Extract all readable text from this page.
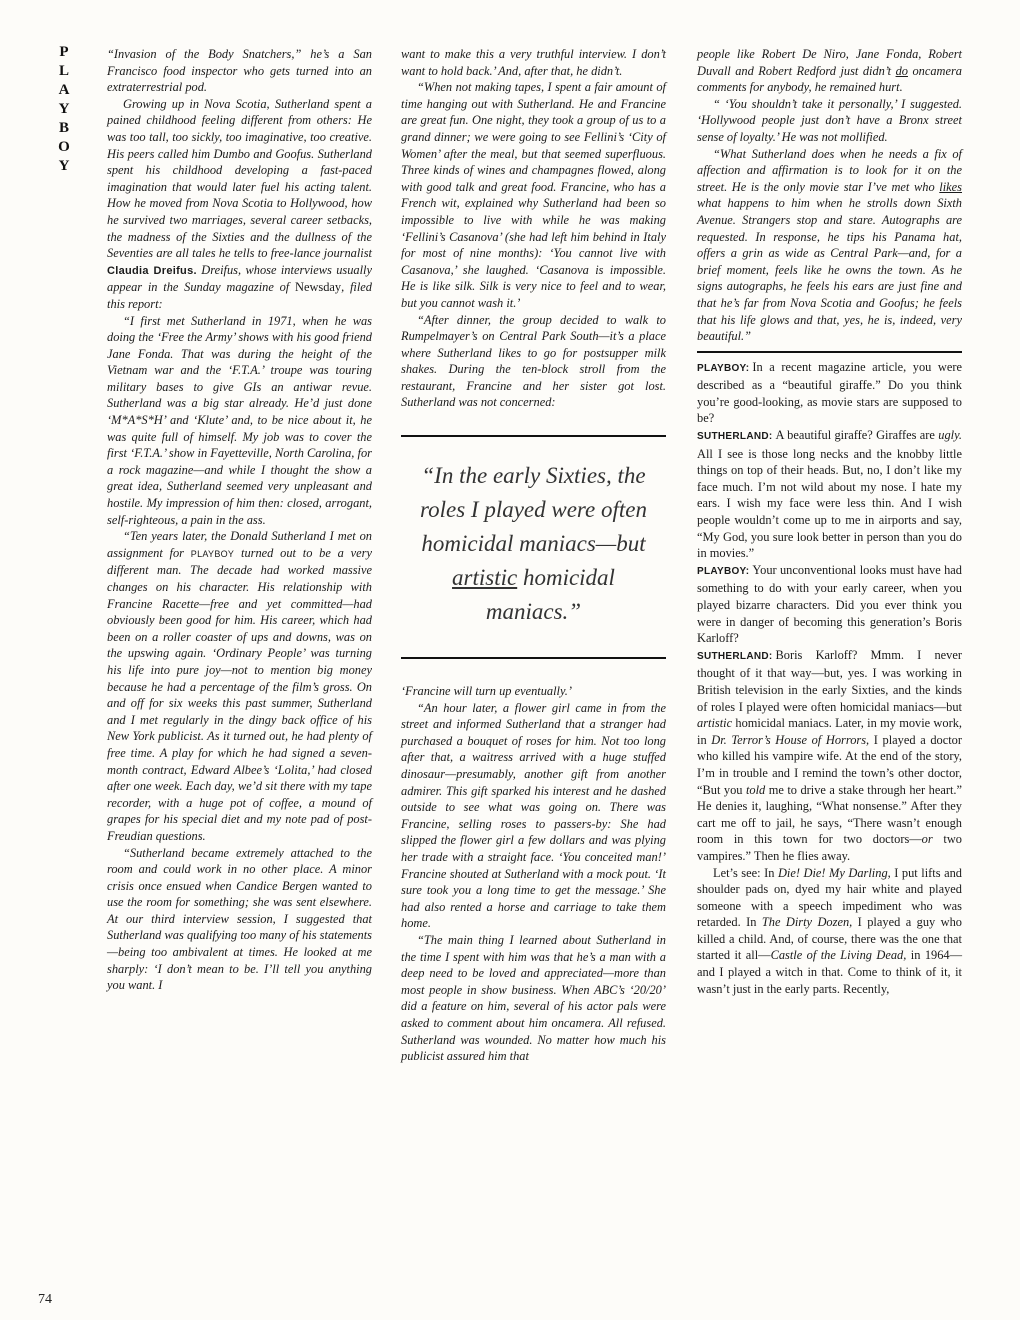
P
L
A
Y
B
O
Y
74

“Invasion of the Body Snatchers,” he’s a San Francisco food inspector who gets turned into an extraterrestrial pod.

Growing up in Nova Scotia, Sutherland spent a pained childhood feeling different from others: He was too tall, too sickly, too imaginative, too creative. His peers called him Dumbo and Goofus. Sutherland spent his childhood developing a fast-paced imagination that would later fuel his acting talent. How he moved from Nova Scotia to Hollywood, how he survived two marriages, several career setbacks, the madness of the Sixties and the dullness of the Seventies are all tales he tells to free-lance journalist Claudia Dreifus. Dreifus, whose interviews usually appear in the Sunday magazine of Newsday, filed this report:

“I first met Sutherland in 1971, when he was doing the ‘Free the Army’ shows with his good friend Jane Fonda. That was during the height of the Vietnam war and the ‘F.T.A.’ troupe was touring military bases to give GIs an antiwar revue. Sutherland was a big star already. He’d just done ‘M*A*S*H’ and ‘Klute’ and, to be nice about it, he was quite full of himself. My job was to cover the first ‘F.T.A.’ show in Fayetteville, North Carolina, for a rock magazine—and while I thought the show a great idea, Sutherland seemed very unpleasant and hostile. My impression of him then: closed, arrogant, self-righteous, a pain in the ass.

“Ten years later, the Donald Sutherland I met on assignment for PLAYBOY turned out to be a very different man. The decade had worked massive changes on his character. His relationship with Francine Racette—free and yet committed—had obviously been good for him. His career, which had been on a roller coaster of ups and downs, was on the upswing again. ‘Ordinary People’ was turning his life into pure joy—not to mention big money because he had a percentage of the film’s gross. On and off for six weeks this past summer, Sutherland and I met regularly in the dingy back office of his New York publicist. As it turned out, he had plenty of free time. A play for which he had signed a seven-month contract, Edward Albee’s ‘Lolita,’ had closed after one week. Each day, we’d sit there with my tape recorder, with a huge pot of coffee, a mound of grapes for his special diet and my note pad of post-Freudian questions.

“Sutherland became extremely attached to the room and could work in no other place. A minor crisis once ensued when Candice Bergen wanted to use the room for something; she was sent elsewhere. At our third interview session, I suggested that Sutherland was qualifying too many of his statements—being too ambivalent at times. He looked at me sharply: ‘I don’t mean to be. I’ll tell you anything you want. I

want to make this a very truthful interview. I don’t want to hold back.’ And, after that, he didn’t.

“When not making tapes, I spent a fair amount of time hanging out with Sutherland. He and Francine are great fun. One night, they took a group of us to a grand dinner; we were going to see Fellini’s ‘City of Women’ after the meal, but that seemed superfluous. Three kinds of wines and champagnes flowed, along with good talk and great food. Francine, who has a French wit, explained why Sutherland had been so impossible to live with while he was making ‘Fellini’s Casanova’ (she had left him behind in Italy for most of nine months): ‘You cannot live with Casanova,’ she laughed. ‘Casanova is impossible. He is like silk. Silk is very nice to feel and to wear, but you cannot wash it.’

“After dinner, the group decided to walk to Rumpelmayer’s on Central Park South—it’s a place where Sutherland likes to go for postsupper milk shakes. During the ten-block stroll from the restaurant, Francine and her sister got lost. Sutherland was not concerned:

“In the early Sixties, the roles I played were often homicidal maniacs—but artistic homicidal maniacs.”

‘Francine will turn up eventually.’

“An hour later, a flower girl came in from the street and informed Sutherland that a stranger had purchased a bouquet of roses for him. Not too long after that, a waitress arrived with a huge stuffed dinosaur—presumably, another gift from another admirer. This gift sparked his interest and he dashed outside to see what was going on. There was Francine, selling roses to passers-by: She had slipped the flower girl a few dollars and was plying her trade with a straight face. ‘You conceited man!’ Francine shouted at Sutherland with a mock pout. ‘It sure took you a long time to get the message.’ She had also rented a horse and carriage to take them home.

“The main thing I learned about Sutherland in the time I spent with him was that he’s a man with a deep need to be loved and appreciated—more than most people in show business. When ABC’s ‘20/20’ did a feature on him, several of his actor pals were asked to comment about him oncamera. All refused. Sutherland was wounded. No matter how much his publicist assured him that

people like Robert De Niro, Jane Fonda, Robert Duvall and Robert Redford just didn’t do oncamera comments for anybody, he remained hurt.

“ ‘You shouldn’t take it personally,’ I suggested. ‘Hollywood people just don’t have a Bronx street sense of loyalty.’ He was not mollified.

“What Sutherland does when he needs a fix of affection and affirmation is to look for it on the street. He is the only movie star I’ve met who likes what happens to him when he strolls down Sixth Avenue. Strangers stop and stare. Autographs are requested. In response, he tips his Panama hat, offers a grin as wide as Central Park—and, for a brief moment, feels like he owns the town. As he signs autographs, he feels his ears are just fine and that he’s far from Nova Scotia and Goofus; he feels that his life glows and that, yes, he is, indeed, very beautiful.”

PLAYBOY: In a recent magazine article, you were described as a “beautiful giraffe.” Do you think you’re good-looking, as movie stars are supposed to be?

SUTHERLAND: A beautiful giraffe? Giraffes are ugly. All I see is those long necks and the knobby little things on top of their heads. But, no, I don’t like my face much. I’m not wild about my nose. I hate my ears. I wish my face were less thin. And I wish people wouldn’t come up to me in airports and say, “My God, you sure look better in person than you do in movies.”

PLAYBOY: Your unconventional looks must have had something to do with your early career, when you played bizarre characters. Did you ever think you were in danger of becoming this generation’s Boris Karloff?

SUTHERLAND: Boris Karloff? Mmm. I never thought of it that way—but, yes. I was working in British television in the early Sixties, and the kinds of roles I played were often homicidal maniacs—but artistic homicidal maniacs. Later, in my movie work, in Dr. Terror’s House of Horrors, I played a doctor who killed his vampire wife. At the end of the story, I’m in trouble and I remind the town’s other doctor, “But you told me to drive a stake through her heart.” He denies it, laughing, “What nonsense.” After they cart me off to jail, he says, “There wasn’t enough room in this town for two doctors—or two vampires.” Then he flies away.

Let’s see: In Die! Die! My Darling, I put lifts and shoulder pads on, dyed my hair white and played someone with a speech impediment who was retarded. In The Dirty Dozen, I played a guy who killed a child. And, of course, there was the one that started it all—Castle of the Living Dead, in 1964—and I played a witch in that. Come to think of it, it wasn’t just in the early parts. Recently,
